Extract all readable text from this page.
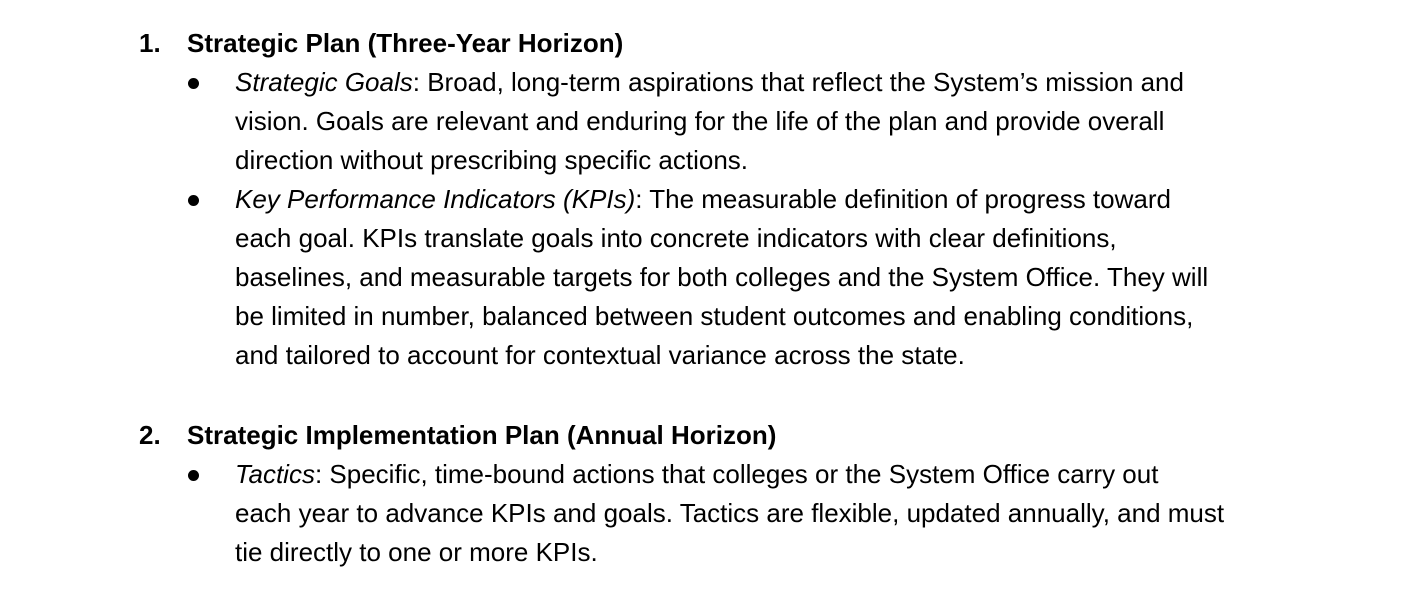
1. Strategic Plan (Three-Year Horizon)
Strategic Goals: Broad, long-term aspirations that reflect the System’s mission and
vision. Goals are relevant and enduring for the life of the plan and provide overall
direction without prescribing specific actions.
Key Performance Indicators (KPIs): The measurable definition of progress toward
each goal. KPIs translate goals into concrete indicators with clear definitions,
baselines, and measurable targets for both colleges and the System Office. They will
be limited in number, balanced between student outcomes and enabling conditions,
and tailored to account for contextual variance across the state.
2. Strategic Implementation Plan (Annual Horizon)
Tactics: Specific, time-bound actions that colleges or the System Office carry out
each year to advance KPIs and goals. Tactics are flexible, updated annually, and must
tie directly to one or more KPIs.
